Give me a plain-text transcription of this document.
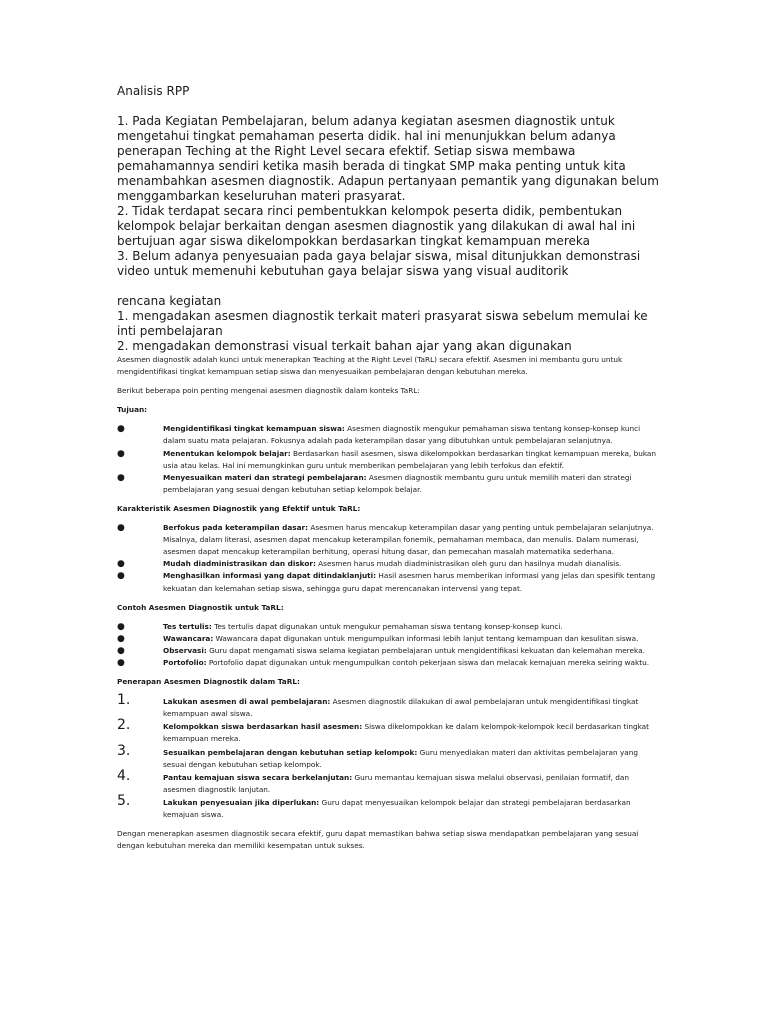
Analisis RPP

1. Pada Kegiatan Pembelajaran, belum adanya kegiatan asesmen diagnostik untuk mengetahui tingkat pemahaman peserta didik. hal ini menunjukkan belum adanya penerapan Teching at the Right Level secara efektif. Setiap siswa membawa pemahamannya sendiri ketika masih berada di tingkat SMP maka penting untuk kita menambahkan asesmen diagnostik. Adapun pertanyaan pemantik yang digunakan belum menggambarkan keseluruhan materi prasyarat.

2. Tidak terdapat secara rinci pembentukkan kelompok peserta didik, pembentukan kelompok belajar berkaitan dengan asesmen diagnostik yang dilakukan di awal hal ini bertujuan agar siswa dikelompokkan berdasarkan tingkat kemampuan mereka

3. Belum adanya penyesuaian pada gaya belajar siswa, misal ditunjukkan demonstrasi video untuk memenuhi kebutuhan gaya belajar siswa yang visual auditorik

rencana kegiatan

1. mengadakan asesmen diagnostik terkait materi prasyarat siswa sebelum memulai ke inti pembelajaran

2. mengadakan demonstrasi visual terkait bahan ajar yang akan digunakan

Asesmen diagnostik adalah kunci untuk menerapkan Teaching at the Right Level (TaRL) secara efektif. Asesmen ini membantu guru untuk mengidentifikasi tingkat kemampuan setiap siswa dan menyesuaikan pembelajaran dengan kebutuhan mereka.

Berikut beberapa poin penting mengenai asesmen diagnostik dalam konteks TaRL:

Tujuan:

●	Mengidentifikasi tingkat kemampuan siswa: Asesmen diagnostik mengukur pemahaman siswa tentang konsep-konsep kunci dalam suatu mata pelajaran. Fokusnya adalah pada keterampilan dasar yang dibutuhkan untuk pembelajaran selanjutnya.

●	Menentukan kelompok belajar: Berdasarkan hasil asesmen, siswa dikelompokkan berdasarkan tingkat kemampuan mereka, bukan usia atau kelas. Hal ini memungkinkan guru untuk memberikan pembelajaran yang lebih terfokus dan efektif.

●	Menyesuaikan materi dan strategi pembelajaran: Asesmen diagnostik membantu guru untuk memilih materi dan strategi pembelajaran yang sesuai dengan kebutuhan setiap kelompok belajar.

Karakteristik Asesmen Diagnostik yang Efektif untuk TaRL:

●	Berfokus pada keterampilan dasar: Asesmen harus mencakup keterampilan dasar yang penting untuk pembelajaran selanjutnya. Misalnya, dalam literasi, asesmen dapat mencakup keterampilan fonemik, pemahaman membaca, dan menulis. Dalam numerasi, asesmen dapat mencakup keterampilan berhitung, operasi hitung dasar, dan pemecahan masalah matematika sederhana.

●	Mudah diadministrasikan dan diskor: Asesmen harus mudah diadministrasikan oleh guru dan hasilnya mudah dianalisis.

●	Menghasilkan informasi yang dapat ditindaklanjuti: Hasil asesmen harus memberikan informasi yang jelas dan spesifik tentang kekuatan dan kelemahan setiap siswa, sehingga guru dapat merencanakan intervensi yang tepat.

Contoh Asesmen Diagnostik untuk TaRL:

●	Tes tertulis: Tes tertulis dapat digunakan untuk mengukur pemahaman siswa tentang konsep-konsep kunci.

●	Wawancara: Wawancara dapat digunakan untuk mengumpulkan informasi lebih lanjut tentang kemampuan dan kesulitan siswa.

●	Observasi: Guru dapat mengamati siswa selama kegiatan pembelajaran untuk mengidentifikasi kekuatan dan kelemahan mereka.

●	Portofolio: Portofolio dapat digunakan untuk mengumpulkan contoh pekerjaan siswa dan melacak kemajuan mereka seiring waktu.

Penerapan Asesmen Diagnostik dalam TaRL:

1.	Lakukan asesmen di awal pembelajaran: Asesmen diagnostik dilakukan di awal pembelajaran untuk mengidentifikasi tingkat kemampuan awal siswa.

2.	Kelompokkan siswa berdasarkan hasil asesmen: Siswa dikelompokkan ke dalam kelompok-kelompok kecil berdasarkan tingkat kemampuan mereka.

3.	Sesuaikan pembelajaran dengan kebutuhan setiap kelompok: Guru menyediakan materi dan aktivitas pembelajaran yang sesuai dengan kebutuhan setiap kelompok.

4.	Pantau kemajuan siswa secara berkelanjutan: Guru memantau kemajuan siswa melalui observasi, penilaian formatif, dan asesmen diagnostik lanjutan.

5.	Lakukan penyesuaian jika diperlukan: Guru dapat menyesuaikan kelompok belajar dan strategi pembelajaran berdasarkan kemajuan siswa.

Dengan menerapkan asesmen diagnostik secara efektif, guru dapat memastikan bahwa setiap siswa mendapatkan pembelajaran yang sesuai dengan kebutuhan mereka dan memiliki kesempatan untuk sukses.
